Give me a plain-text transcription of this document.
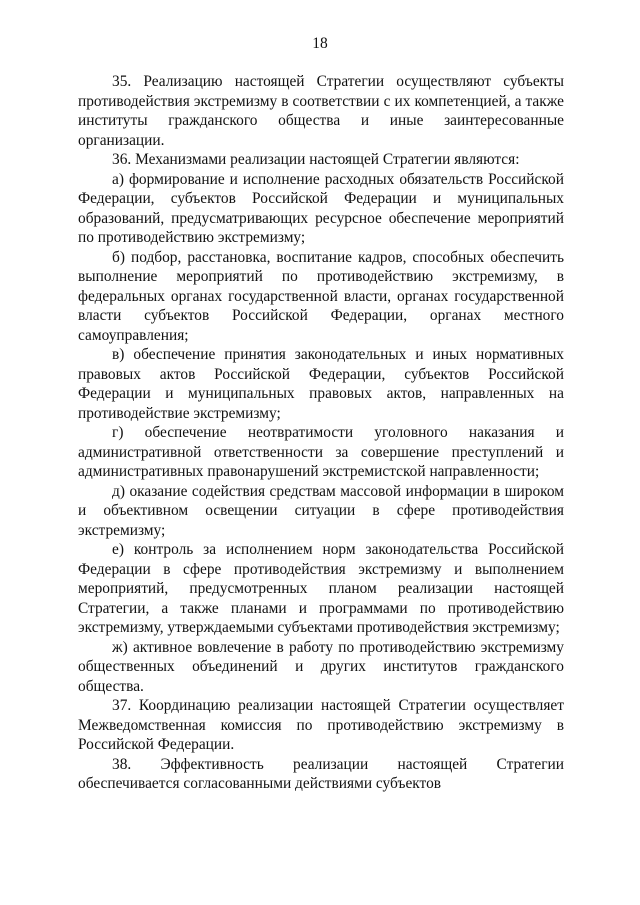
18

35. Реализацию настоящей Стратегии осуществляют субъекты противодействия экстремизму в соответствии с их компетенцией, а также институты гражданского общества и иные заинтересованные организации.

36. Механизмами реализации настоящей Стратегии являются:

а) формирование и исполнение расходных обязательств Российской Федерации, субъектов Российской Федерации и муниципальных образований, предусматривающих ресурсное обеспечение мероприятий по противодействию экстремизму;

б) подбор, расстановка, воспитание кадров, способных обеспечить выполнение мероприятий по противодействию экстремизму, в федеральных органах государственной власти, органах государственной власти субъектов Российской Федерации, органах местного самоуправления;

в) обеспечение принятия законодательных и иных нормативных правовых актов Российской Федерации, субъектов Российской Федерации и муниципальных правовых актов, направленных на противодействие экстремизму;

г) обеспечение неотвратимости уголовного наказания и административной ответственности за совершение преступлений и административных правонарушений экстремистской направленности;

д) оказание содействия средствам массовой информации в широком и объективном освещении ситуации в сфере противодействия экстремизму;

е) контроль за исполнением норм законодательства Российской Федерации в сфере противодействия экстремизму и выполнением мероприятий, предусмотренных планом реализации настоящей Стратегии, а также планами и программами по противодействию экстремизму, утверждаемыми субъектами противодействия экстремизму;

ж) активное вовлечение в работу по противодействию экстремизму общественных объединений и других институтов гражданского общества.

37. Координацию реализации настоящей Стратегии осуществляет Межведомственная комиссия по противодействию экстремизму в Российской Федерации.

38. Эффективность реализации настоящей Стратегии обеспечивается согласованными действиями субъектов
